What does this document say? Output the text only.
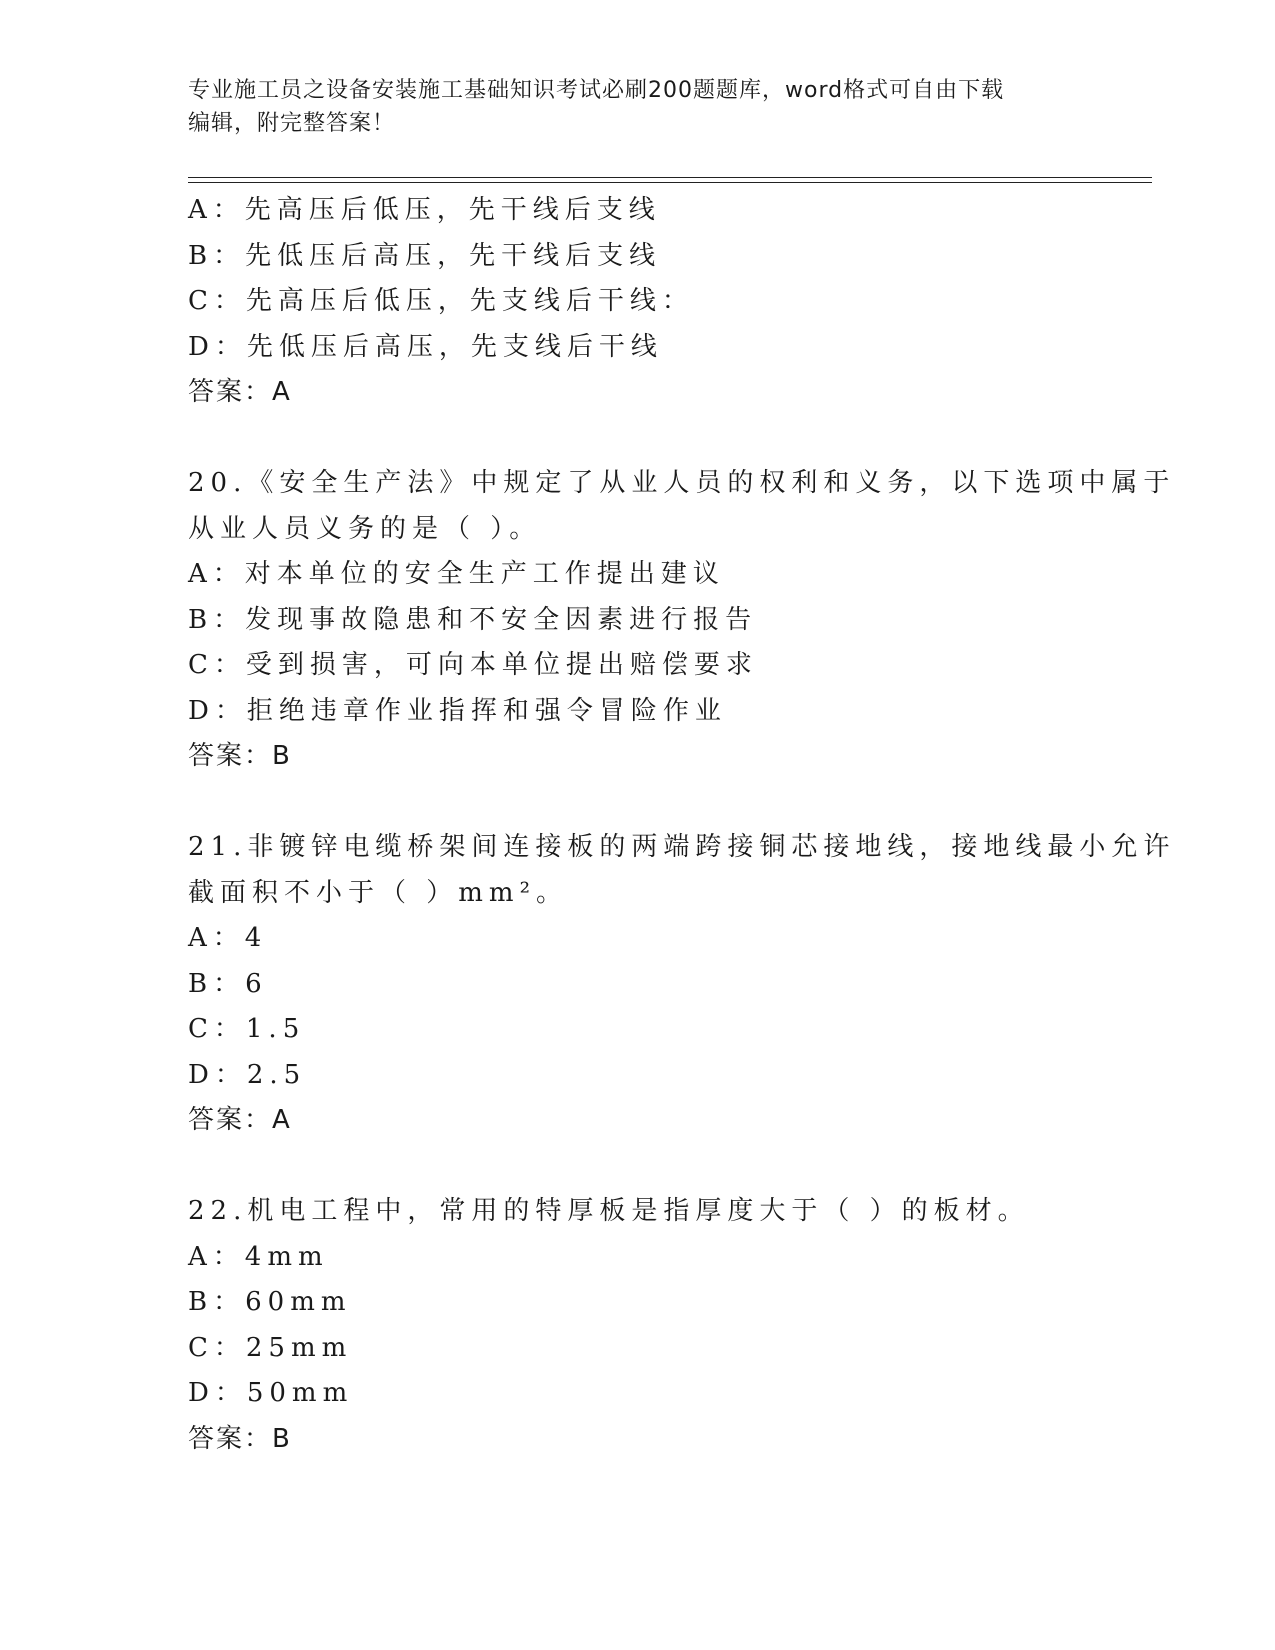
专业施工员之设备安装施工基础知识考试必刷200题题库，word格式可自由下载
编辑，附完整答案！
A：先高压后低压，先干线后支线
B：先低压后高压，先干线后支线
C：先高压后低压，先支线后干线：
D：先低压后高压，先支线后干线
答案：A
20.《安全生产法》中规定了从业人员的权利和义务，以下选项中属于
从业人员义务的是（ ）。
A：对本单位的安全生产工作提出建议
B：发现事故隐患和不安全因素进行报告
C：受到损害，可向本单位提出赔偿要求
D：拒绝违章作业指挥和强令冒险作业
答案：B
21.非镀锌电缆桥架间连接板的两端跨接铜芯接地线，接地线最小允许
截面积不小于（ ）mm²。
A：4
B：6
C：1.5
D：2.5
答案：A
22.机电工程中，常用的特厚板是指厚度大于（ ）的板材。
A：4mm
B：60mm
C：25mm
D：50mm
答案：B
